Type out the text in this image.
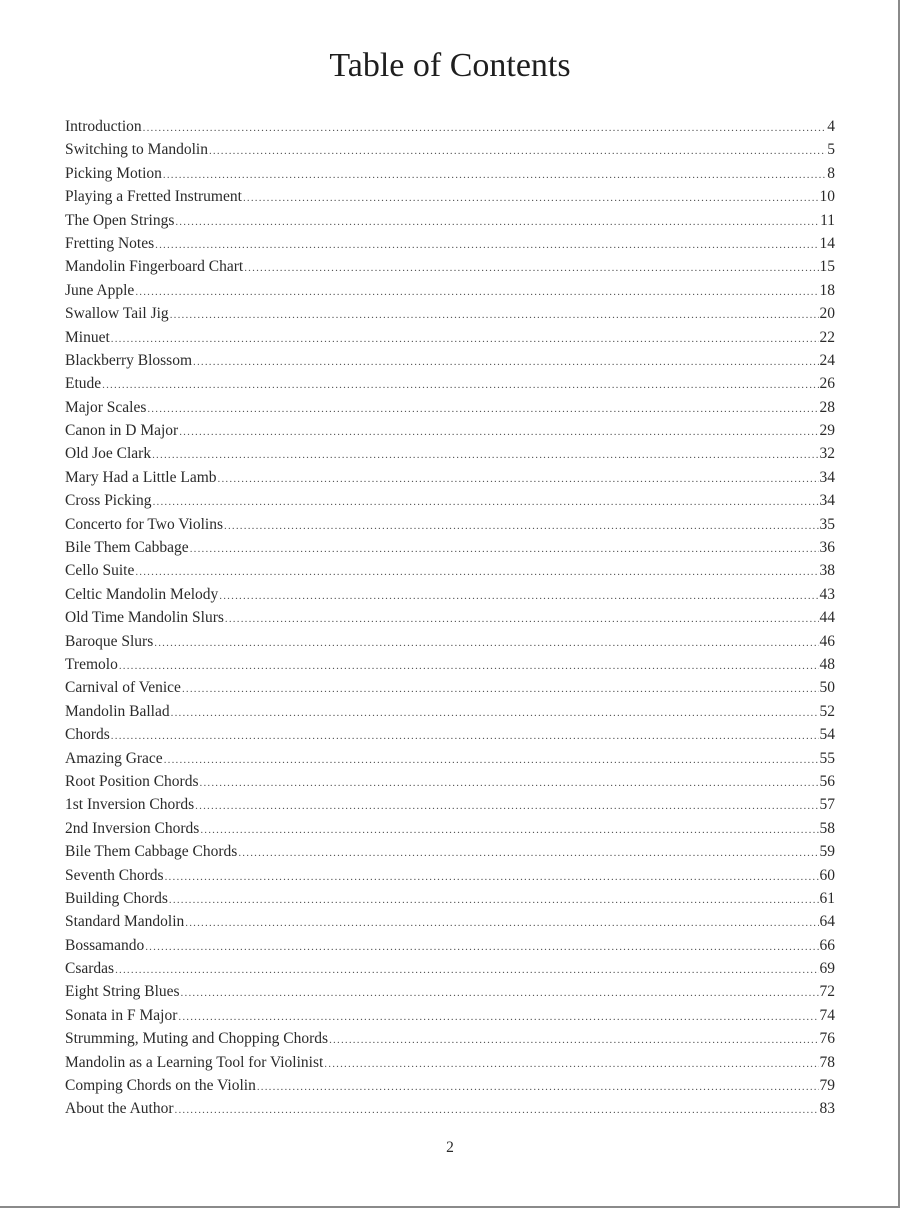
Table of Contents
Introduction .....	4
Switching to Mandolin .....	5
Picking Motion .....	8
Playing a Fretted Instrument .....	10
The Open Strings .....	11
Fretting Notes .....	14
Mandolin Fingerboard Chart .....	15
June Apple .....	18
Swallow Tail Jig .....	20
Minuet .....	22
Blackberry Blossom .....	24
Etude .....	26
Major Scales .....	28
Canon in D Major .....	29
Old Joe Clark .....	32
Mary Had a Little Lamb .....	34
Cross Picking .....	34
Concerto for Two Violins .....	35
Bile Them Cabbage .....	36
Cello Suite .....	38
Celtic Mandolin Melody .....	43
Old Time Mandolin Slurs .....	44
Baroque Slurs .....	46
Tremolo .....	48
Carnival of Venice .....	50
Mandolin Ballad .....	52
Chords .....	54
Amazing Grace .....	55
Root Position Chords .....	56
1st Inversion Chords .....	57
2nd Inversion Chords .....	58
Bile Them Cabbage Chords .....	59
Seventh Chords .....	60
Building Chords .....	61
Standard Mandolin .....	64
Bossamando .....	66
Csardas .....	69
Eight String Blues .....	72
Sonata in F Major .....	74
Strumming, Muting and Chopping Chords .....	76
Mandolin as a Learning Tool for Violinist .....	78
Comping Chords on the Violin .....	79
About the Author .....	83
2
